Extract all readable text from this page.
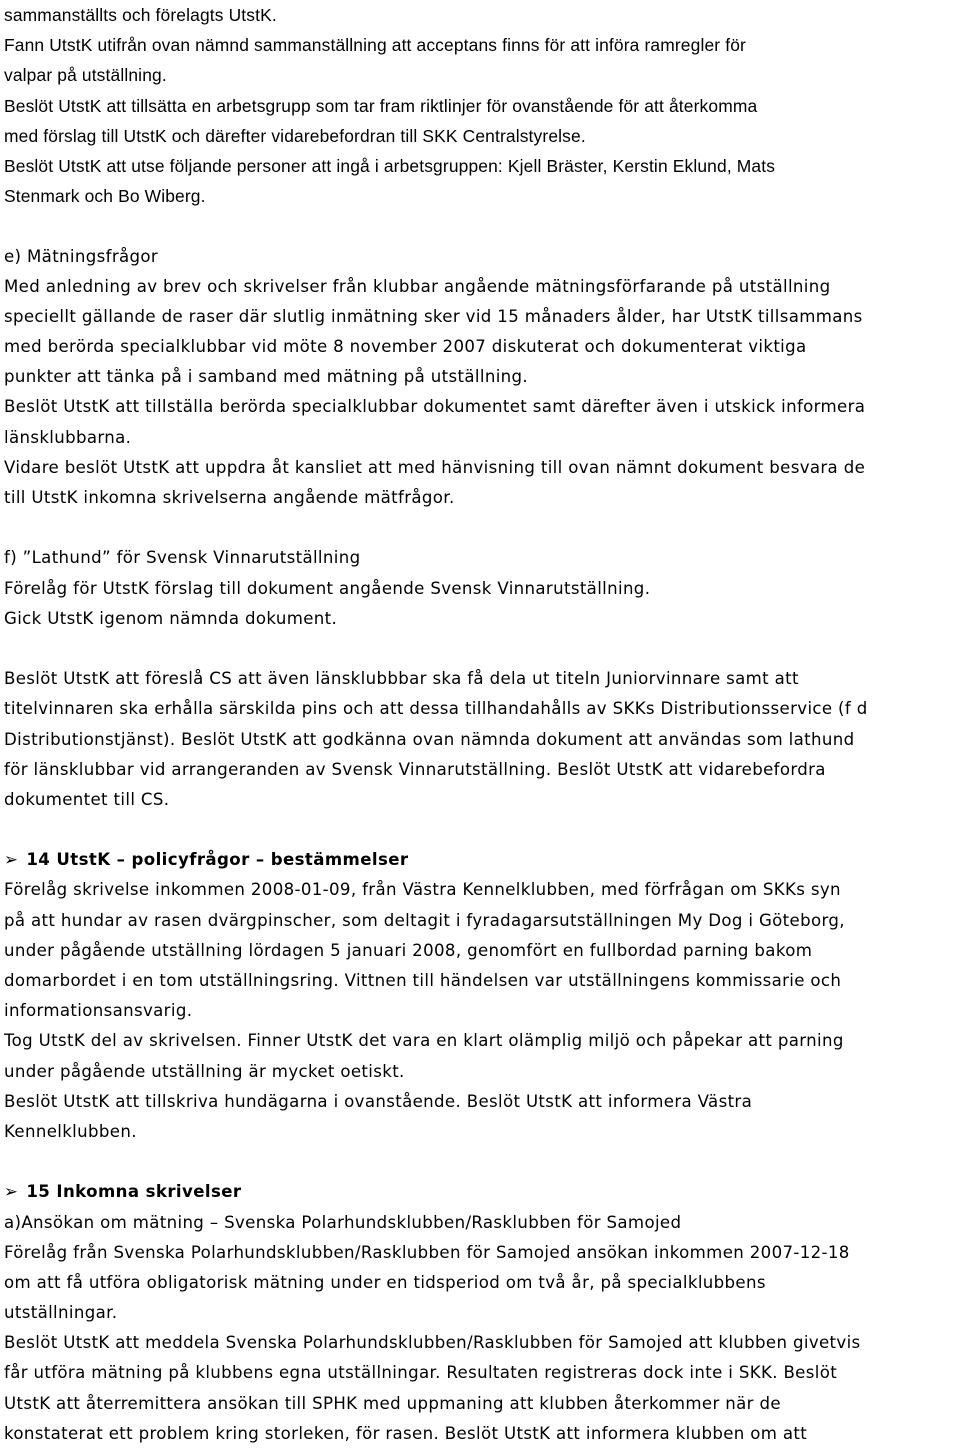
sammanställts och förelagts UtstK.
Fann UtstK utifrån ovan nämnd sammanställning att acceptans finns för att införa ramregler för
valpar på utställning.
Beslöt UtstK att tillsätta en arbetsgrupp som tar fram riktlinjer för ovanstående för att återkomma
med förslag till UtstK och därefter vidarebefordran till SKK Centralstyrelse.
Beslöt UtstK att utse följande personer att ingå i arbetsgruppen: Kjell Bräster, Kerstin Eklund, Mats
Stenmark och Bo Wiberg.
e) Mätningsfrågor
Med anledning av brev och skrivelser från klubbar angående mätningsförfarande på utställning
speciellt gällande de raser där slutlig inmätning sker vid 15 månaders ålder, har UtstK tillsammans
med berörda specialklubbar vid möte 8 november 2007 diskuterat och dokumenterat viktiga
punkter att tänka på i samband med mätning på utställning.
Beslöt UtstK att tillställa berörda specialklubbar dokumentet samt därefter även i utskick informera
länsklubbarna.
Vidare beslöt UtstK att uppdra åt kansliet att med hänvisning till ovan nämnt dokument besvara de
till UtstK inkomna skrivelserna angående mätfrågor.
f) ”Lathund” för Svensk Vinnarutställning
Förelåg för UtstK förslag till dokument angående Svensk Vinnarutställning.
Gick UtstK igenom nämnda dokument.
Beslöt UtstK att föreslå CS att även länsklubbbar ska få dela ut titeln Juniorvinnare samt att
titelvinnaren ska erhålla särskilda pins och att dessa tillhandahålls av SKKs Distributionsservice (f d
Distributionstjänst). Beslöt UtstK att godkänna ovan nämnda dokument att användas som lathund
för länsklubbar vid arrangeranden av Svensk Vinnarutställning. Beslöt UtstK att vidarebefordra
dokumentet till CS.
➢ 14 UtstK – policyfrågor – bestämmelser
Förelåg skrivelse inkommen 2008-01-09, från Västra Kennelklubben, med förfrågan om SKKs syn
på att hundar av rasen dvärgpinscher, som deltagit i fyradagarsutställningen My Dog i Göteborg,
under pågående utställning lördagen 5 januari 2008, genomfört en fullbordad parning bakom
domarbordet i en tom utställningsring. Vittnen till händelsen var utställningens kommissarie och
informationsansvarig.
Tog UtstK del av skrivelsen. Finner UtstK det vara en klart olämplig miljö och påpekar att parning
under pågående utställning är mycket oetiskt.
Beslöt UtstK att tillskriva hundägarna i ovanstående. Beslöt UtstK att informera Västra
Kennelklubben.
➢ 15 Inkomna skrivelser
a)Ansökan om mätning – Svenska Polarhundsklubben/Rasklubben för Samojed
Förelåg från Svenska Polarhundsklubben/Rasklubben för Samojed ansökan inkommen 2007-12-18
om att få utföra obligatorisk mätning under en tidsperiod om två år, på specialklubbens
utställningar.
Beslöt UtstK att meddela Svenska Polarhundsklubben/Rasklubben för Samojed att klubben givetvis
får utföra mätning på klubbens egna utställningar. Resultaten registreras dock inte i SKK. Beslöt
UtstK att återremittera ansökan till SPHK med uppmaning att klubben återkommer när de
konstaterat ett problem kring storleken, för rasen. Beslöt UtstK att informera klubben om att
